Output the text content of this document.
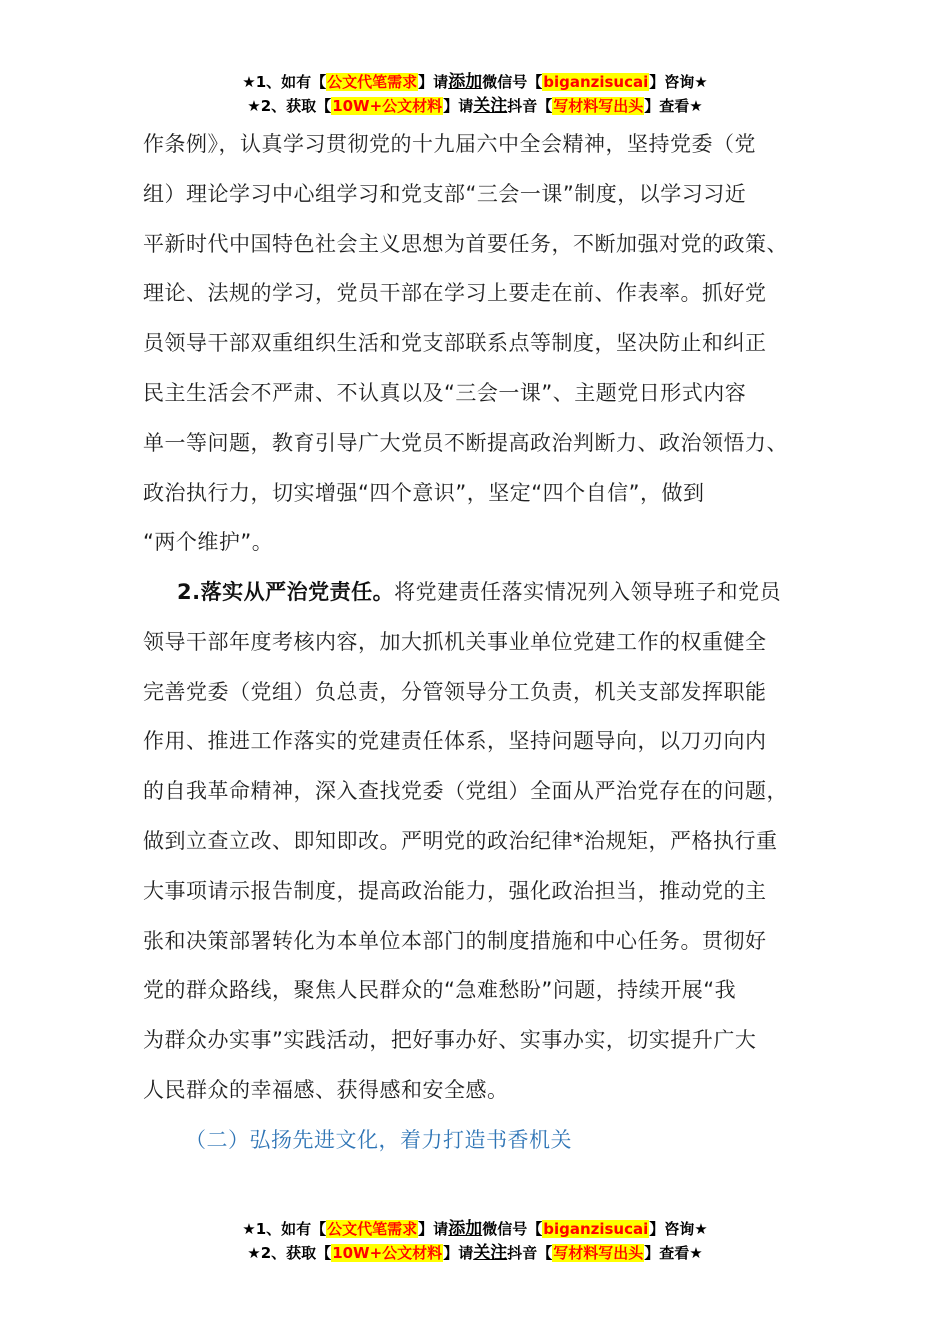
★1、如有【公文代笔需求】请添加微信号【biganzisucai】咨询★
★2、获取【10W+公文材料】请关注抖音【写材料写出头】查看★
作条例》，认真学习贯彻党的十九届六中全会精神，坚持党委（党
组）理论学习中心组学习和党支部“三会一课”制度，以学习习近
平新时代中国特色社会主义思想为首要任务，不断加强对党的政策、
理论、法规的学习，党员干部在学习上要走在前、作表率。抓好党
员领导干部双重组织生活和党支部联系点等制度，坚决防止和纠正
民主生活会不严肃、不认真以及“三会一课”、主题党日形式内容
单一等问题，教育引导广大党员不断提高政治判断力、政治领悟力、
政治执行力，切实增强“四个意识”，坚定“四个自信”，做到
“两个维护”。
2.落实从严治党责任。将党建责任落实情况列入领导班子和党员
领导干部年度考核内容，加大抓机关事业单位党建工作的权重健全
完善党委（党组）负总责，分管领导分工负责，机关支部发挥职能
作用、推进工作落实的党建责任体系，坚持问题导向，以刀刃向内
的自我革命精神，深入查找党委（党组）全面从严治党存在的问题，
做到立查立改、即知即改。严明党的政治纪律*治规矩，严格执行重
大事项请示报告制度，提高政治能力，强化政治担当，推动党的主
张和决策部署转化为本单位本部门的制度措施和中心任务。贯彻好
党的群众路线，聚焦人民群众的“急难愁盼”问题，持续开展“我
为群众办实事”实践活动，把好事办好、实事办实，切实提升广大
人民群众的幸福感、获得感和安全感。
（二）弘扬先进文化，着力打造书香机关
★1、如有【公文代笔需求】请添加微信号【biganzisucai】咨询★
★2、获取【10W+公文材料】请关注抖音【写材料写出头】查看★
